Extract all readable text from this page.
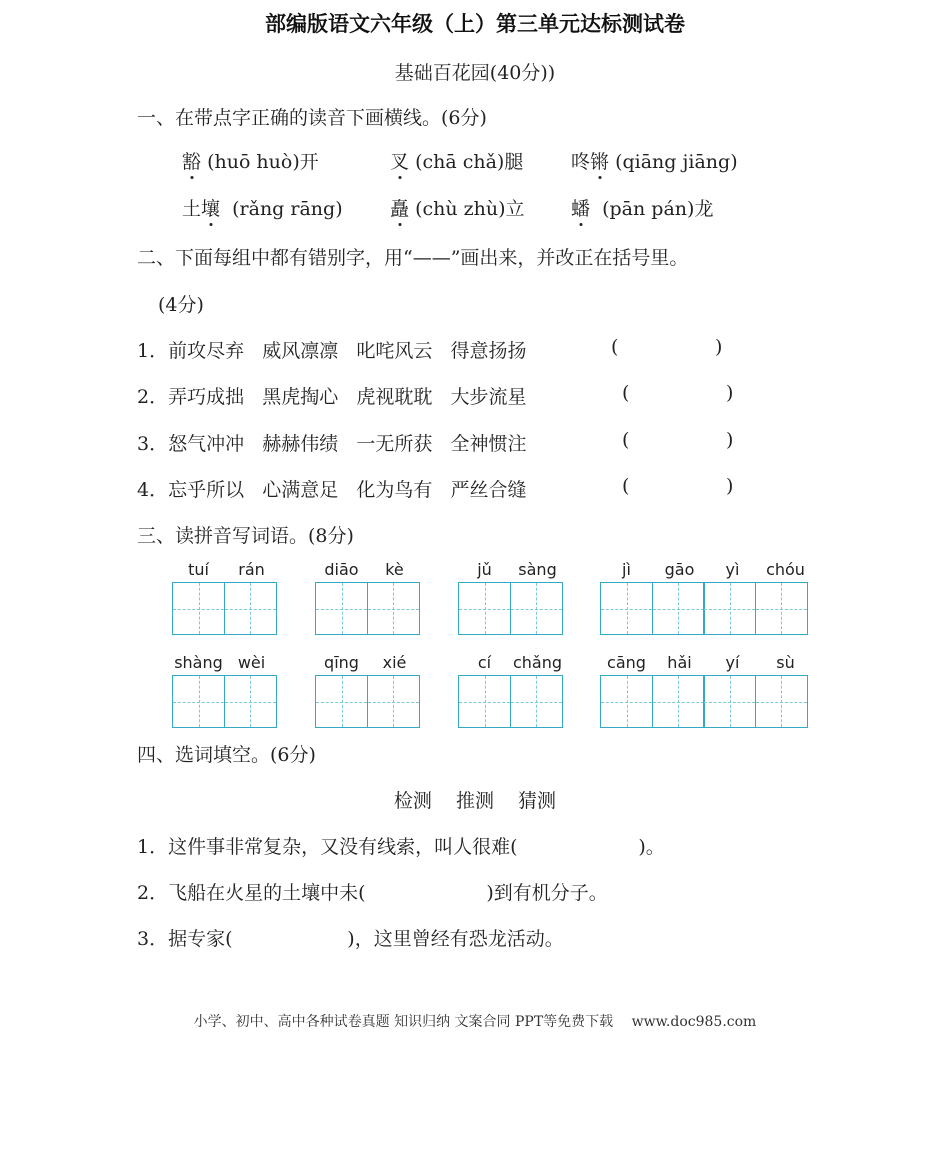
部编版语文六年级（上）第三单元达标测试卷
基础百花园(40分))
一、在带点字正确的读音下画横线。(6分)
豁 (huō huò)开	叉 (chā chǎ)腿	咚锵 (qiāng jiāng)
土壤 (rǎng rāng) 矗 (chù zhù)立 蟠 (pān pán)龙
二、下面每组中都有错别字，用“——”画出来，并改正在括号里。
(4分)
1．前攻尽弃 威风凛凛 叱咤风云 得意扬扬	(                )
2．弄巧成拙 黑虎掏心 虎视耽耽 大步流星	(                )
3．怒气冲冲 赫赫伟绩 一无所获 全神惯注	(                )
4．忘乎所以 心满意足 化为鸟有 严丝合缝	(                )
三、读拼音写词语。(8分)
tuí	rán	diāo	kè	jǔ	sàng	jì	gāo	yì	chóu
shàng wèi	qīng	xié	cí	chǎng	cāng	hǎi	yí	sù
四、选词填空。(6分)
检测 推测 猜测
1．这件事非常复杂，又没有线索，叫人很难(	)。
2．飞船在火星的土壤中未(	)到有机分子。
3．据专家(	)，这里曾经有恐龙活动。
小学、初中、高中各种试卷真题 知识归纳 文案合同 PPT等免费下载　 www.doc985.com
